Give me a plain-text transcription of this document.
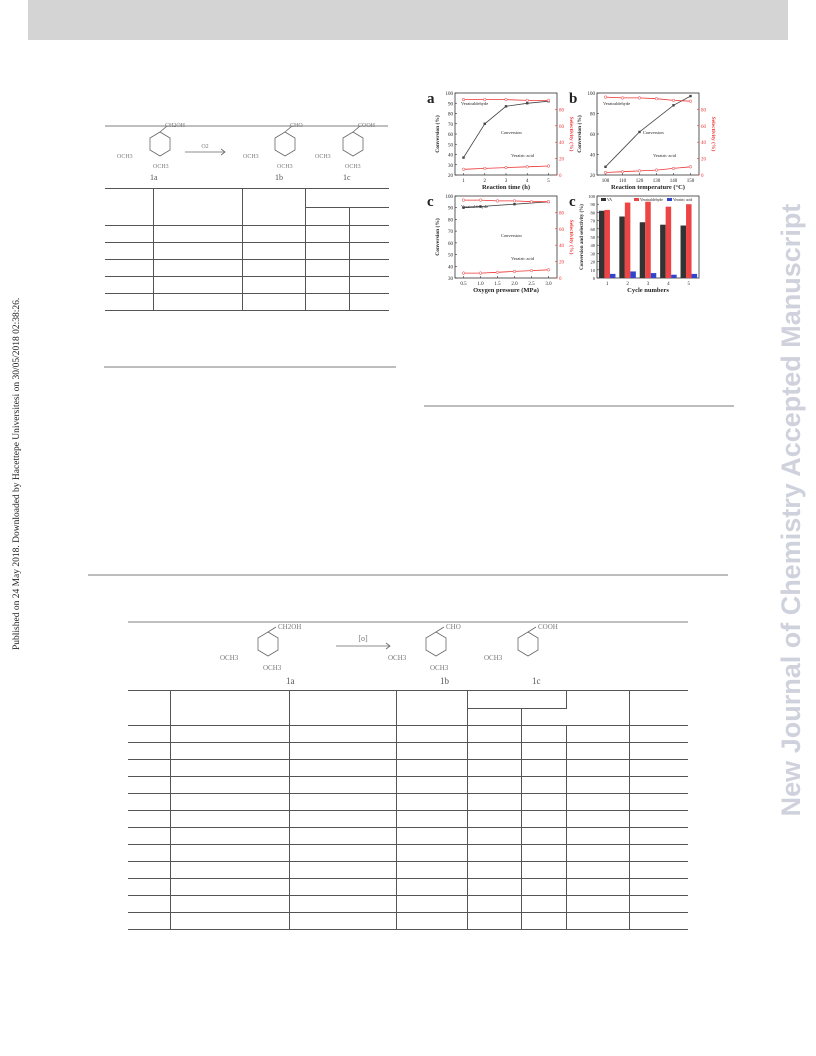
Published on 24 May 2018. Downloaded by Hacettepe Universitesi on 30/05/2018 02:38:26.	New Journal of Chemistry Accepted Manuscript
O2
CH2OH	CHO	COOH
OCH3
OCH3
OCH3
OCH3
OCH3
OCH3
1a	1b	1c

a
20
30
40
50
60
70
80
90
100
0
20
40
60
80
1	2	3	4	5
Reaction time (h)
Conversion (%)	Selectivity (%)
Veratraldehyde
Conversion
Veratric acid
b
20
40
60
80
100
0
20
40
60
80
100 110 120 130 140 150
Reaction temperature (°C)
Conversion (%)	Selectivity (%)
Veratraldehyde
Conversion
Veratric acid
c
30
40
50
60
70
80
90
100
0
20
40
60
80
0.5 1.0 1.5 2.0 2.5 3.0
Oxygen pressure (MPa)
Conversion (%)	Selectivity (%)
Veratraldehyde
Conversion
Veratric acid
c
0
10
20
30
40
50
60
70
80
90
100
1	2	3	4	5
Cycle numbers
Conversion and selectivity (%)
VA	Veratraldehyde	Veratric acid
[o]
CH2OH	CHO	COOH
OCH3
OCH3
OCH3
OCH3
OCH3
1a	1b	1c
